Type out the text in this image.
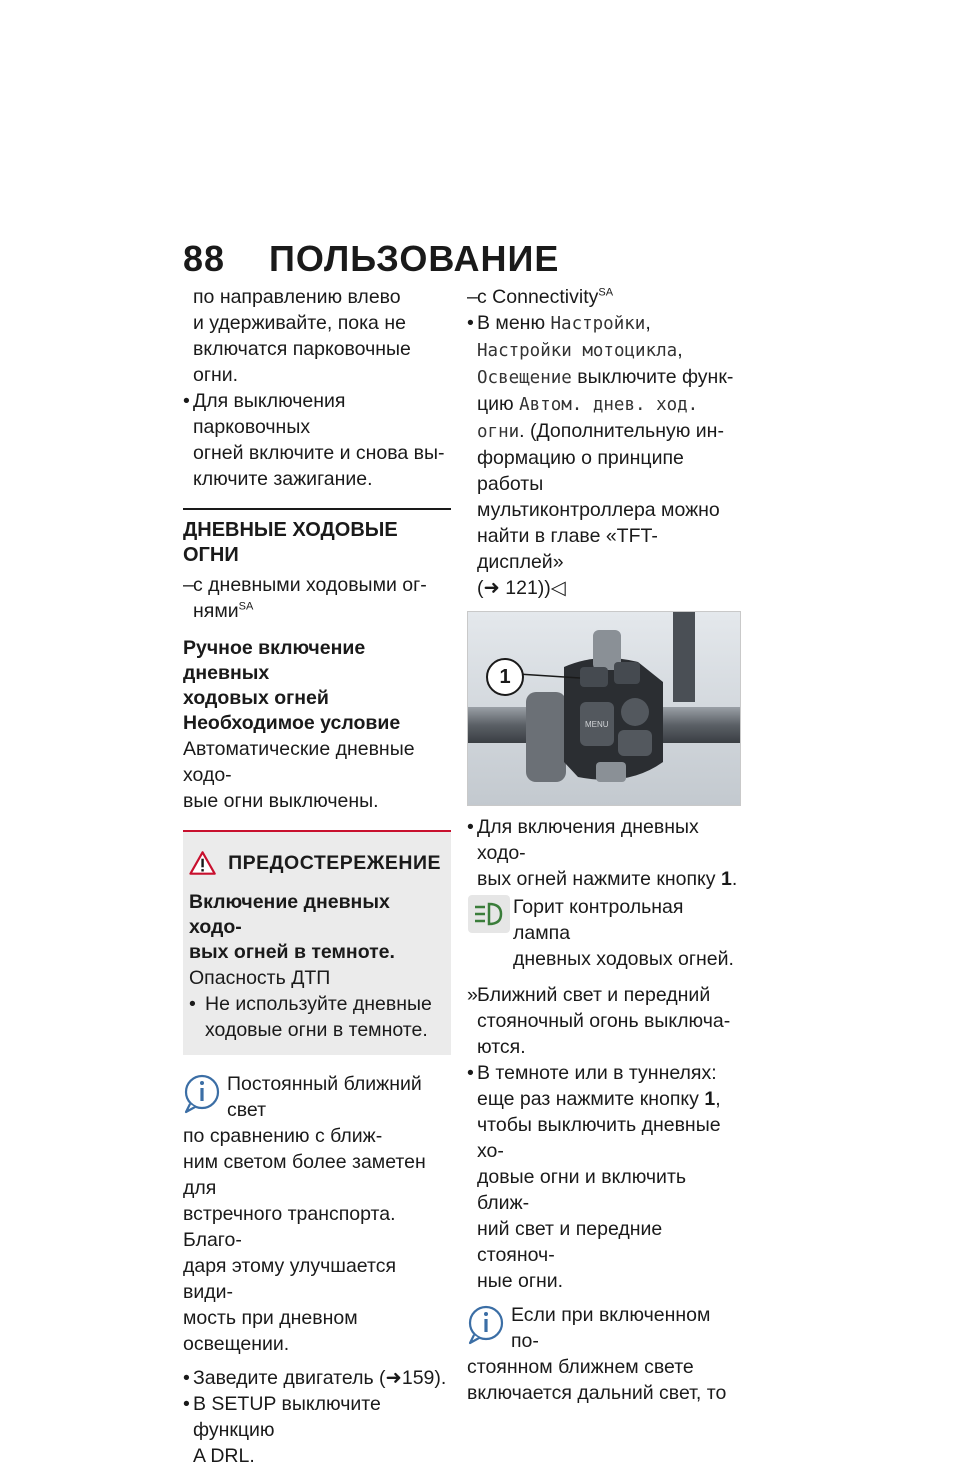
88 ПОЛЬЗОВАНИЕ
по направлению влево
и удерживайте, пока не
включатся парковочные огни.
• Для выключения парковочных
огней включите и снова вы-
ключите зажигание.
ДНЕВНЫЕ ХОДОВЫЕ
ОГНИ
– с дневными ходовыми ог-
нями$^{SA}$
Ручное включение дневных
ходовых огней
Необходимое условие
Автоматические дневные ходо-
вые огни выключены.
ПРЕДОСТЕРЕЖЕНИЕ
Включение дневных ходо-
вых огней в темноте.
Опасность ДТП
• Не используйте дневные
ходовые огни в темноте.

Постоянный ближний свет
по сравнению с ближ-
ним светом более заметен для
встречного транспорта. Благо-
даря этому улучшается види-
мость при дневном освещении.

• Заведите двигатель (➜159).
• В SETUP выключите функцию
A DRL.
– с Connectivity$^{SA}$
• В меню Настройки,
Настройки мотоцикла,
Освещение выключите функ-
цию Автом. днев. ход.
огни. (Дополнительную ин-
формацию о принципе работы
мультиконтроллера можно
найти в главе «TFT-дисплей»
(➜ 121))◁
MENU
1
• Для включения дневных ходо-
вых огней нажмите кнопку 1.
Горит контрольная лампа
дневных ходовых огней.
» Ближний свет и передний
стояночный огонь выключа-
ются.
• В темноте или в туннелях:
еще раз нажмите кнопку 1,
чтобы выключить дневные хо-
довые огни и включить ближ-
ний свет и передние стояноч-
ные огни.

Если при включенном по-
стоянном ближнем свете
включается дальний свет, то
